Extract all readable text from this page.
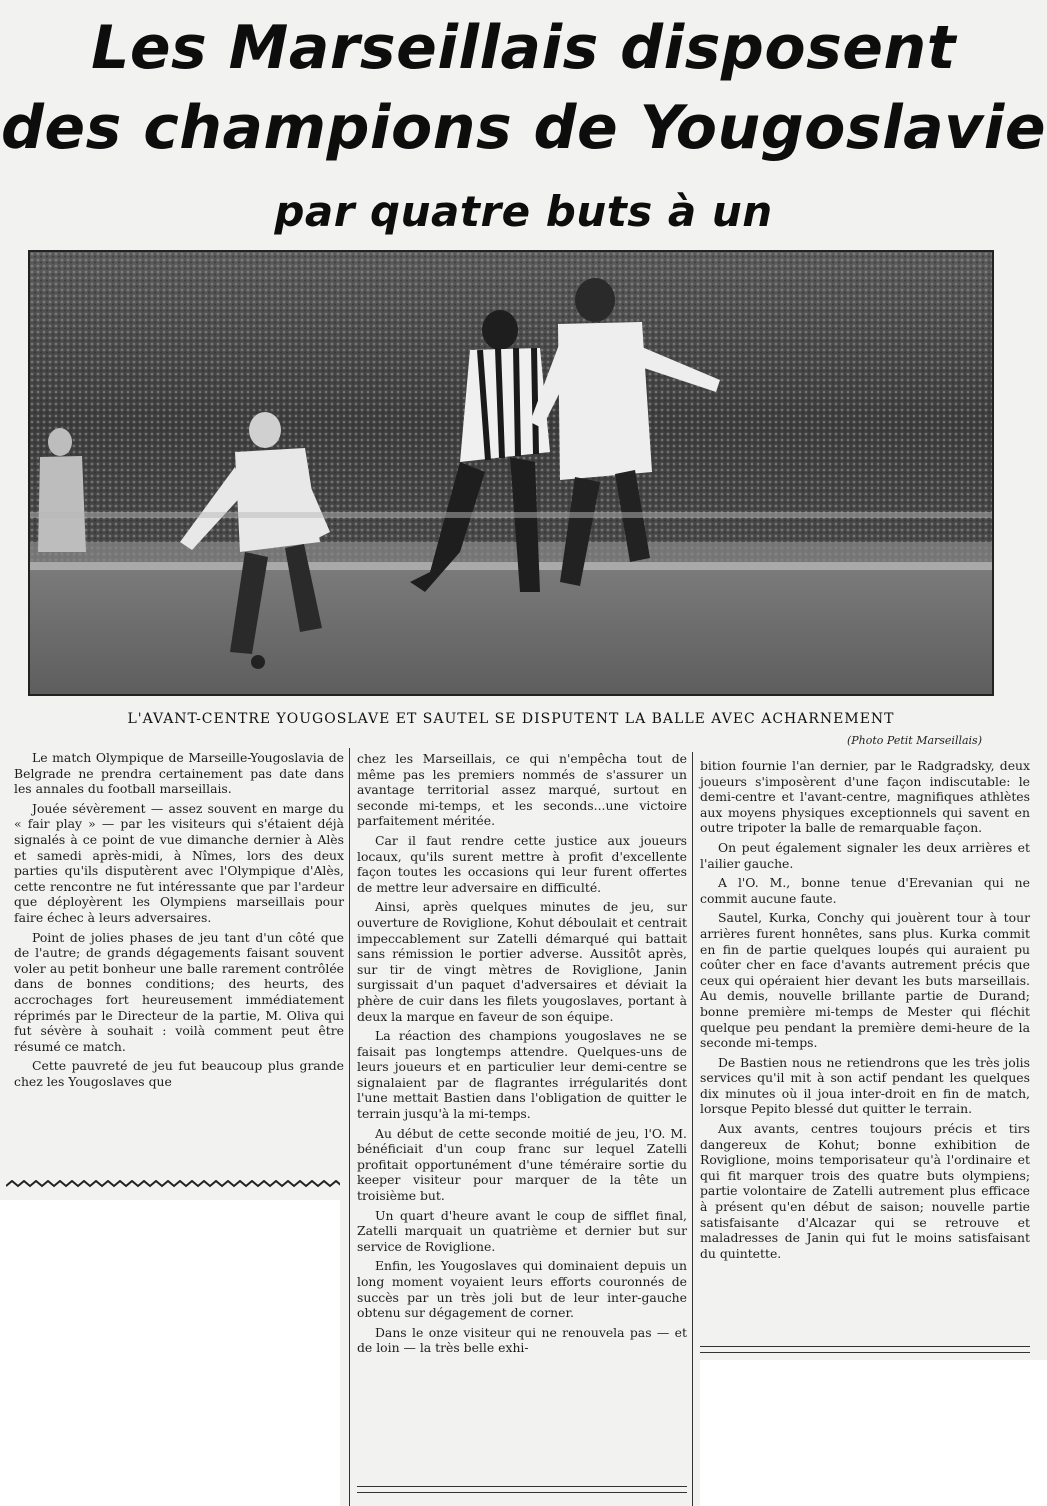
Les Marseillais disposent
des champions de Yougoslavie
par quatre buts à un
L'AVANT-CENTRE YOUGOSLAVE ET SAUTEL SE DISPUTENT LA BALLE AVEC ACHARNEMENT
(Photo Petit Marseillais)

Le match Olympique de Marseille-Yougoslavia de Belgrade ne prendra certainement pas date dans les annales du football marseillais.

Jouée sévèrement — assez souvent en marge du « fair play » — par les visiteurs qui s'étaient déjà signalés à ce point de vue dimanche dernier à Alès et samedi après-midi, à Nîmes, lors des deux parties qu'ils disputèrent avec l'Olympique d'Alès, cette rencontre ne fut intéressante que par l'ardeur que déployèrent les Olympiens marseillais pour faire échec à leurs adversaires.

Point de jolies phases de jeu tant d'un côté que de l'autre; de grands dégagements faisant souvent voler au petit bonheur une balle rarement contrôlée dans de bonnes conditions; des heurts, des accrochages fort heureusement immédiatement réprimés par le Directeur de la partie, M. Oliva qui fut sévère à souhait : voilà comment peut être résumé ce match.

Cette pauvreté de jeu fut beaucoup plus grande chez les Yougoslaves que

chez les Marseillais, ce qui n'empêcha tout de même pas les premiers nommés de s'assurer un avantage territorial assez marqué, surtout en seconde mi-temps, et les seconds...une victoire parfaitement méritée.

Car il faut rendre cette justice aux joueurs locaux, qu'ils surent mettre à profit d'excellente façon toutes les occasions qui leur furent offertes de mettre leur adversaire en difficulté.

Ainsi, après quelques minutes de jeu, sur ouverture de Roviglione, Kohut déboulait et centrait impeccablement sur Zatelli démarqué qui battait sans rémission le portier adverse. Aussitôt après, sur tir de vingt mètres de Roviglione, Janin surgissait d'un paquet d'adversaires et déviait la phère de cuir dans les filets yougoslaves, portant à deux la marque en faveur de son équipe.

La réaction des champions yougoslaves ne se faisait pas longtemps attendre. Quelques-uns de leurs joueurs et en particulier leur demi-centre se signalaient par de flagrantes irrégularités dont l'une mettait Bastien dans l'obligation de quitter le terrain jusqu'à la mi-temps.

Au début de cette seconde moitié de jeu, l'O. M. bénéficiait d'un coup franc sur lequel Zatelli profitait opportunément d'une téméraire sortie du keeper visiteur pour marquer de la tête un troisième but.

Un quart d'heure avant le coup de sifflet final, Zatelli marquait un quatrième et dernier but sur service de Roviglione.

Enfin, les Yougoslaves qui dominaient depuis un long moment voyaient leurs efforts couronnés de succès par un très joli but de leur inter-gauche obtenu sur dégagement de corner.

Dans le onze visiteur qui ne renouvela pas — et de loin — la très belle exhi-

bition fournie l'an dernier, par le Radgradsky, deux joueurs s'imposèrent d'une façon indiscutable: le demi-centre et l'avant-centre, magnifiques athlètes aux moyens physiques exceptionnels qui savent en outre tripoter la balle de remarquable façon.

On peut également signaler les deux arrières et l'ailier gauche.

A l'O. M., bonne tenue d'Erevanian qui ne commit aucune faute.

Sautel, Kurka, Conchy qui jouèrent tour à tour arrières furent honnêtes, sans plus. Kurka commit en fin de partie quelques loupés qui auraient pu coûter cher en face d'avants autrement précis que ceux qui opéraient hier devant les buts marseillais. Au demis, nouvelle brillante partie de Durand; bonne première mi-temps de Mester qui fléchit quelque peu pendant la première demi-heure de la seconde mi-temps.

De Bastien nous ne retiendrons que les très jolis services qu'il mit à son actif pendant les quelques dix minutes où il joua inter-droit en fin de match, lorsque Pepito blessé dut quitter le terrain.

Aux avants, centres toujours précis et tirs dangereux de Kohut; bonne exhibition de Roviglione, moins temporisateur qu'à l'ordinaire et qui fit marquer trois des quatre buts olympiens; partie volontaire de Zatelli autrement plus efficace à présent qu'en début de saison; nouvelle partie satisfaisante d'Alcazar qui se retrouve et maladresses de Janin qui fut le moins satisfaisant du quintette.
